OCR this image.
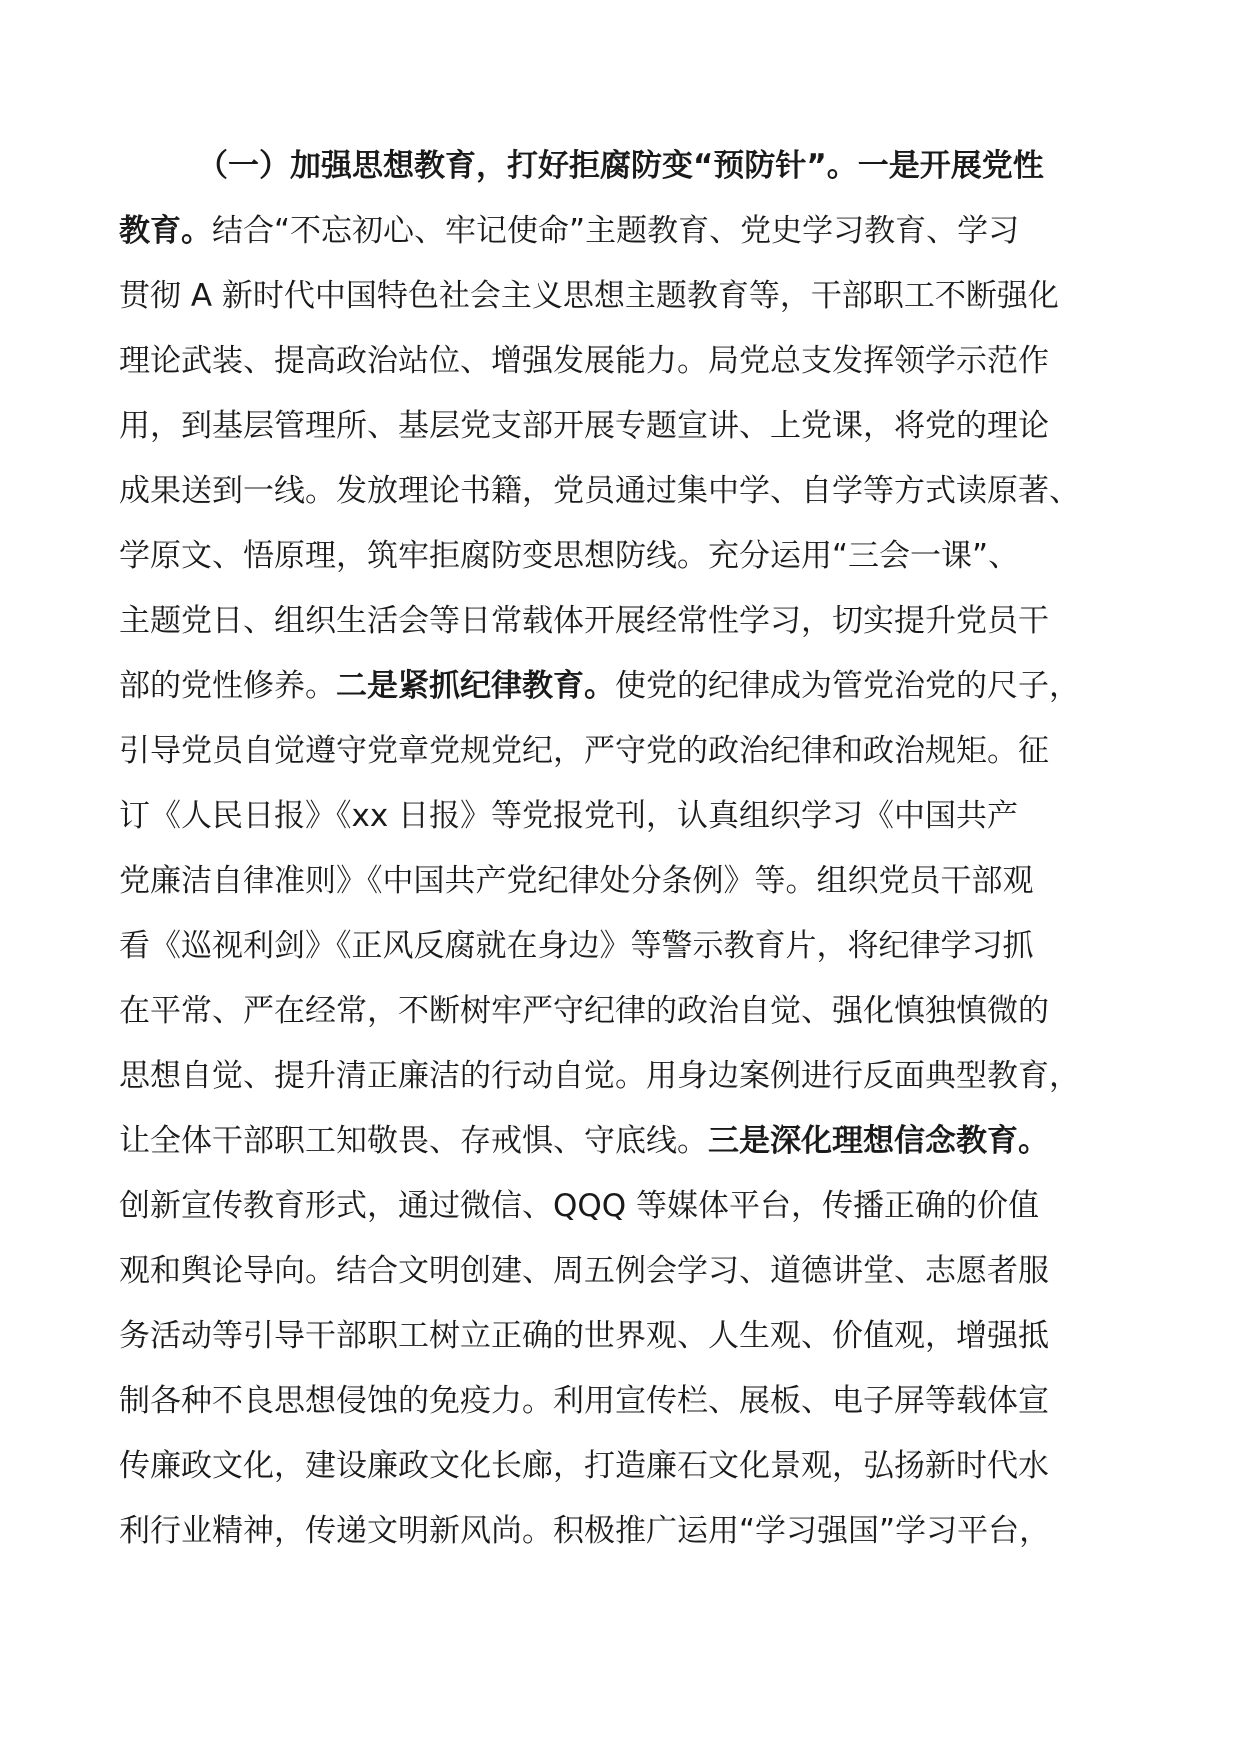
（一）加强思想教育，打好拒腐防变“预防针”。一是开展党性
教育。结合“不忘初心、牢记使命”主题教育、党史学习教育、学习
贯彻 A 新时代中国特色社会主义思想主题教育等，干部职工不断强化
理论武装、提高政治站位、增强发展能力。局党总支发挥领学示范作
用，到基层管理所、基层党支部开展专题宣讲、上党课，将党的理论
成果送到一线。发放理论书籍，党员通过集中学、自学等方式读原著、
学原文、悟原理，筑牢拒腐防变思想防线。充分运用“三会一课”、
主题党日、组织生活会等日常载体开展经常性学习，切实提升党员干
部的党性修养。二是紧抓纪律教育。使党的纪律成为管党治党的尺子，
引导党员自觉遵守党章党规党纪，严守党的政治纪律和政治规矩。征
订《人民日报》《xx 日报》等党报党刊，认真组织学习《中国共产
党廉洁自律准则》《中国共产党纪律处分条例》等。组织党员干部观
看《巡视利剑》《正风反腐就在身边》等警示教育片，将纪律学习抓
在平常、严在经常，不断树牢严守纪律的政治自觉、强化慎独慎微的
思想自觉、提升清正廉洁的行动自觉。用身边案例进行反面典型教育，
让全体干部职工知敬畏、存戒惧、守底线。三是深化理想信念教育。
创新宣传教育形式，通过微信、QQQ 等媒体平台，传播正确的价值
观和舆论导向。结合文明创建、周五例会学习、道德讲堂、志愿者服
务活动等引导干部职工树立正确的世界观、人生观、价值观，增强抵
制各种不良思想侵蚀的免疫力。利用宣传栏、展板、电子屏等载体宣
传廉政文化，建设廉政文化长廊，打造廉石文化景观，弘扬新时代水
利行业精神，传递文明新风尚。积极推广运用“学习强国”学习平台，
